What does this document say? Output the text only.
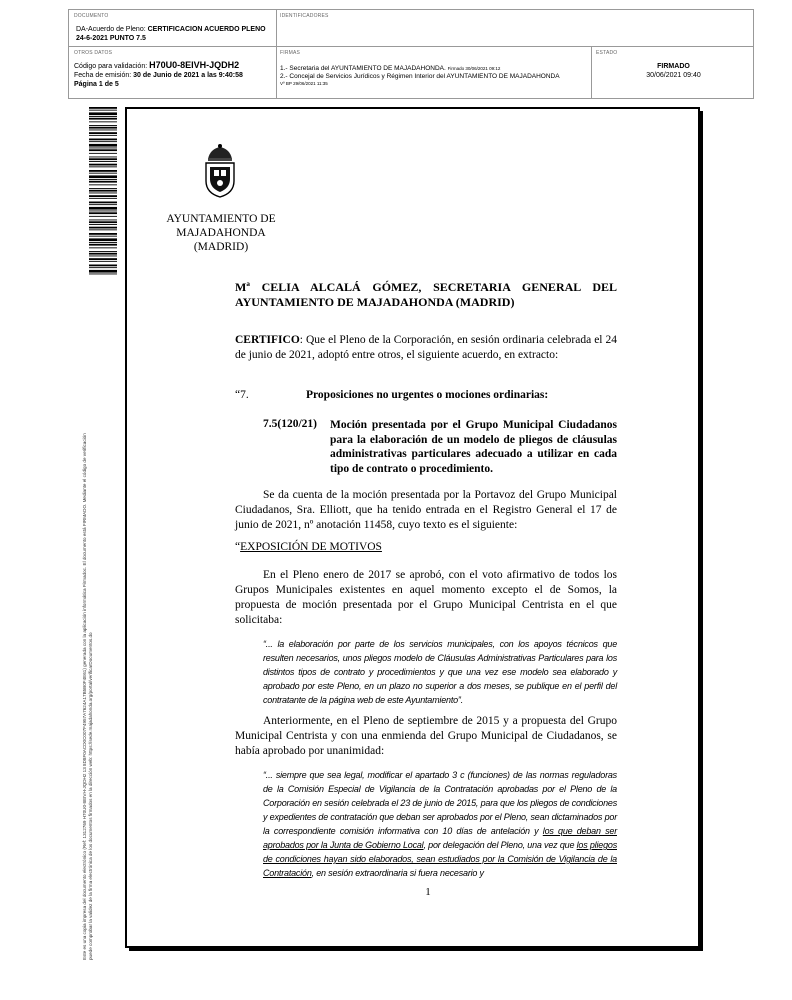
DOCUMENTO
DA-Acuerdo de Pleno: CERTIFICACION ACUERDO PLENO 24-6-2021 PUNTO 7.5
IDENTIFICADORES
OTROS DATOS
Código para validación: H70U0-8EIVH-JQDH2
Fecha de emisión: 30 de Junio de 2021 a las 9:40:58
Página 1 de 5
FIRMAS
1.- Secretaria del AYUNTAMIENTO DE MAJADAHONDA. Firmado 30/06/2021 09:12
2.- Concejal de Servicios Jurídicos y Régimen Interior del AYUNTAMIENTO DE MAJADAHONDA
Vº BP 29/06/2021 11:35
ESTADO
FIRMADO
30/06/2021 09:40
Este es una copia impresa del documento electrónico (Ref: 1312769 H70U0-8EIVH-JQDH2 13 8D8F0ACD0C007F4957A7624A17B5B0F4E61) generada con la aplicación informática Firmadoc. El documento está FIRMADO. Mediante el código de verificación puede comprobar la validez de la firma electrónica de los documentos firmados en la dirección web: https://sede.majadahonda.org/portal/verificarDocumentos.do
AYUNTAMIENTO DE
MAJADAHONDA
(MADRID)
Mª CELIA ALCALÁ GÓMEZ, SECRETARIA GENERAL DEL
AYUNTAMIENTO DE MAJADAHONDA (MADRID)
CERTIFICO: Que el Pleno de la Corporación, en sesión ordinaria celebrada el 24 de junio de 2021, adoptó entre otros, el siguiente acuerdo, en extracto:
“7.	Proposiciones no urgentes o mociones ordinarias:
7.5(120/21) Moción presentada por el Grupo Municipal Ciudadanos para la elaboración de un modelo de pliegos de cláusulas administrativas particulares adecuado a utilizar en cada tipo de contrato o procedimiento.
Se da cuenta de la moción presentada por la Portavoz del Grupo Municipal Ciudadanos, Sra. Elliott, que ha tenido entrada en el Registro General el 17 de junio de 2021, nº anotación 11458, cuyo texto es el siguiente:
“EXPOSICIÓN DE MOTIVOS
En el Pleno enero de 2017 se aprobó, con el voto afirmativo de todos los Grupos Municipales existentes en aquel momento excepto el de Somos, la propuesta de moción presentada por el Grupo Municipal Centrista en el que solicitaba:
“... la elaboración por parte de los servicios municipales, con los apoyos técnicos que resulten necesarios, unos pliegos modelo de Cláusulas Administrativas Particulares para los distintos tipos de contrato y procedimientos y que una vez ese modelo sea elaborado y aprobado por este Pleno, en un plazo no superior a dos meses, se publique en el perfil del contratante de la página web de este Ayuntamiento”.
Anteriormente, en el Pleno de septiembre de 2015 y a propuesta del Grupo Municipal Centrista y con una enmienda del Grupo Municipal de Ciudadanos, se había aprobado por unanimidad:
“... siempre que sea legal, modificar el apartado 3 c (funciones) de las normas reguladoras de la Comisión Especial de Vigilancia de la Contratación aprobadas por el Pleno de la Corporación en sesión celebrada el 23 de junio de 2015, para que los pliegos de condiciones y expedientes de contratación que deban ser aprobados por el Pleno, sean dictaminados por la correspondiente comisión informativa con 10 días de antelación y los que deban ser aprobados por la Junta de Gobierno Local, por delegación del Pleno, una vez que los pliegos de condiciones hayan sido elaborados, sean estudiados por la Comisión de Vigilancia de la Contratación, en sesión extraordinaria si fuera necesario y
1
